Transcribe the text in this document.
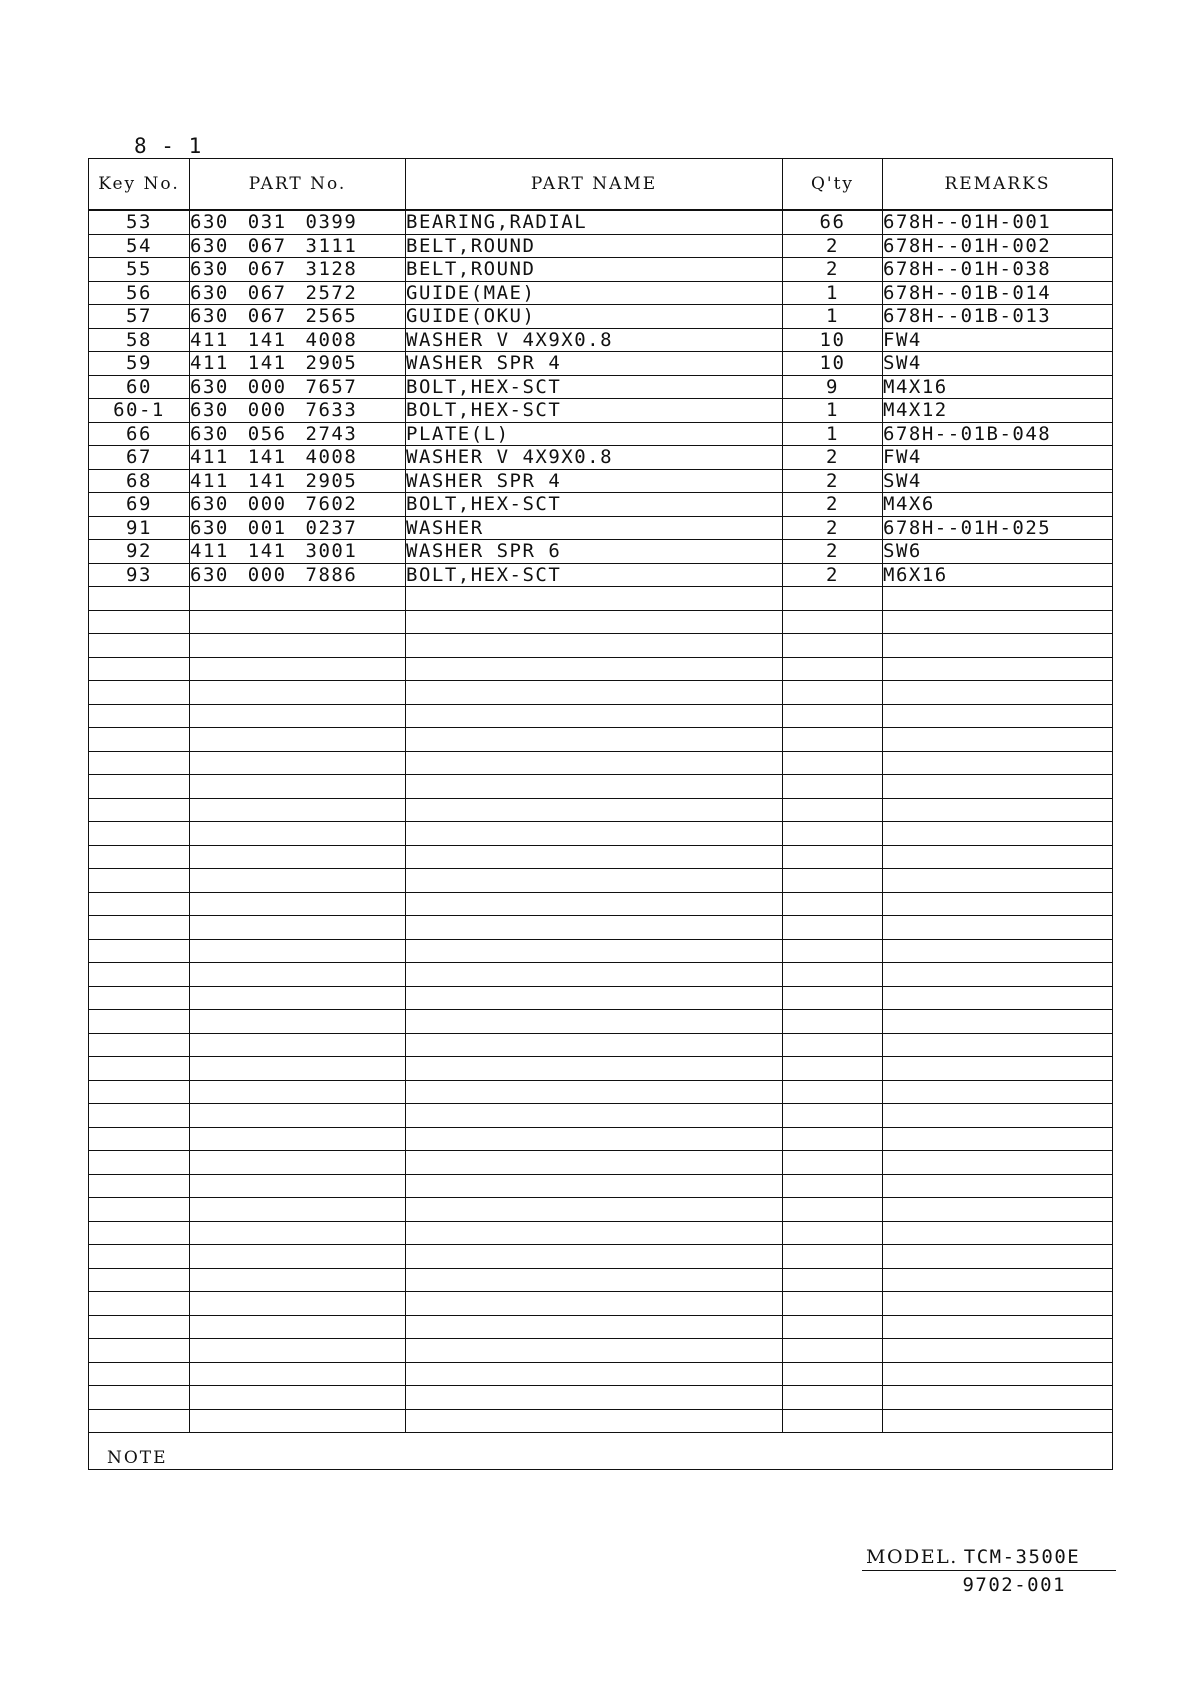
8 - 1
Key No.	PART No.	PART NAME	Q'ty	REMARKS
53	630 031 0399	BEARING,RADIAL	66	678H--01H-001
54	630 067 3111	BELT,ROUND	2	678H--01H-002
55	630 067 3128	BELT,ROUND	2	678H--01H-038
56	630 067 2572	GUIDE(MAE)	1	678H--01B-014
57	630 067 2565	GUIDE(OKU)	1	678H--01B-013
58	411 141 4008	WASHER V 4X9X0.8	10	FW4
59	411 141 2905	WASHER SPR 4	10	SW4
60	630 000 7657	BOLT,HEX-SCT	9	M4X16
60-1	630 000 7633	BOLT,HEX-SCT	1	M4X12
66	630 056 2743	PLATE(L)	1	678H--01B-048
67	411 141 4008	WASHER V 4X9X0.8	2	FW4
68	411 141 2905	WASHER SPR 4	2	SW4
69	630 000 7602	BOLT,HEX-SCT	2	M4X6
91	630 001 0237	WASHER	2	678H--01H-025
92	411 141 3001	WASHER SPR 6	2	SW6
93	630 000 7886	BOLT,HEX-SCT	2	M6X16

NOTE				
MODEL. TCM-3500E
9702-001
